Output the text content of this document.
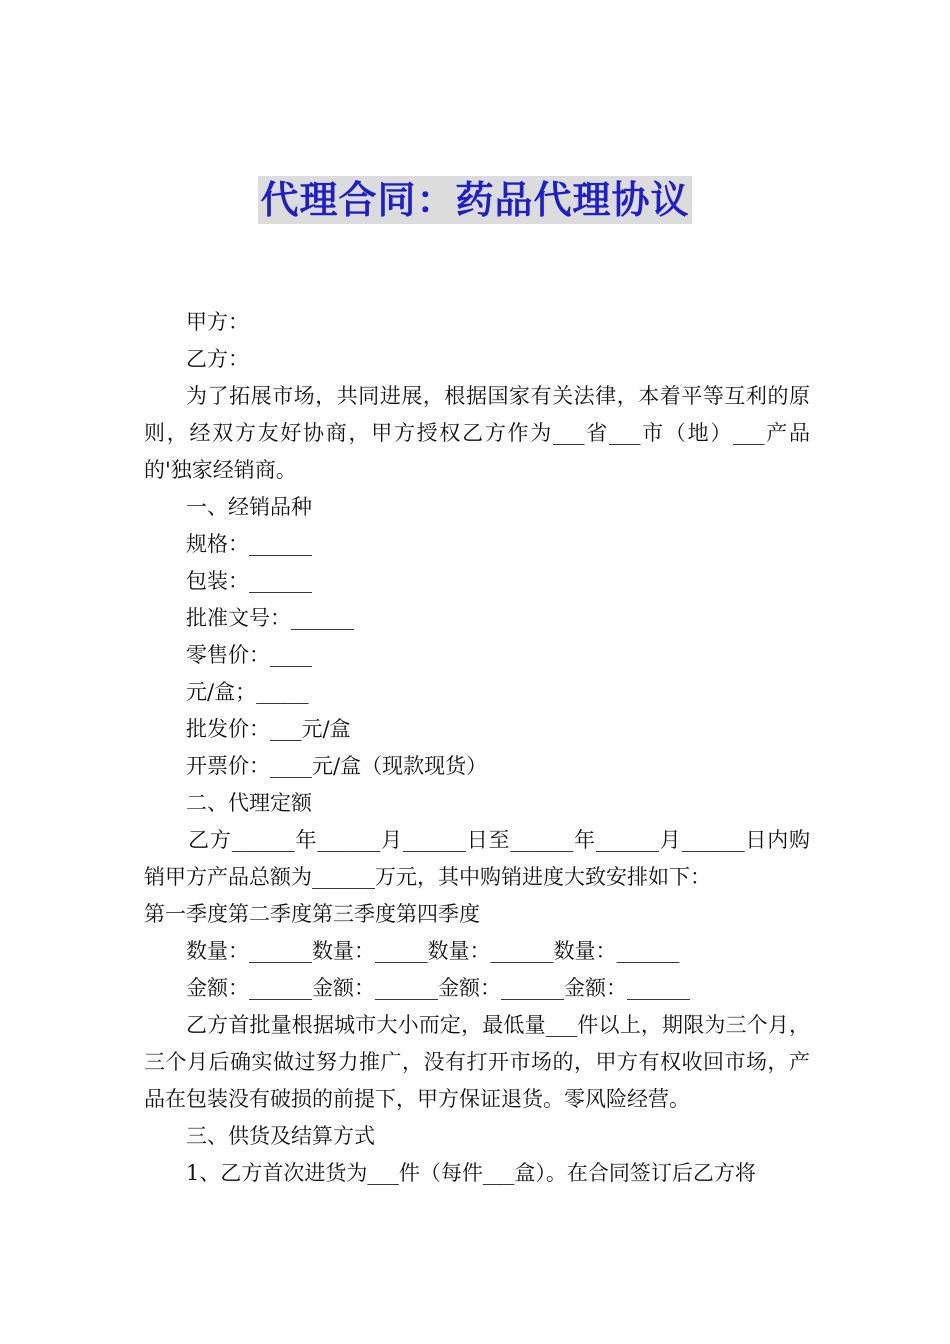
代理合同：药品代理协议

甲方：

乙方：

为了拓展市场，共同进展，根据国家有关法律，本着平等互利的原则，经双方友好协商，甲方授权乙方作为___省___市（地）___产品的'独家经销商。

一、经销品种

规格：______

包装：______

批准文号：______

零售价：____

元/盒；_____

批发价：___元/盒

开票价：____元/盒（现款现货）

二、代理定额

乙方______年______月______日至______年______月______日内购销甲方产品总额为______万元，其中购销进度大致安排如下：

第一季度第二季度第三季度第四季度

数量：______数量：_____数量：______数量：______

金额：______金额：______金额：______金额：______

乙方首批量根据城市大小而定，最低量___件以上，期限为三个月，三个月后确实做过努力推广，没有打开市场的，甲方有权收回市场，产品在包装没有破损的前提下，甲方保证退货。零风险经营。

三、供货及结算方式

1、乙方首次进货为___件（每件___盒）。在合同签订后乙方将
